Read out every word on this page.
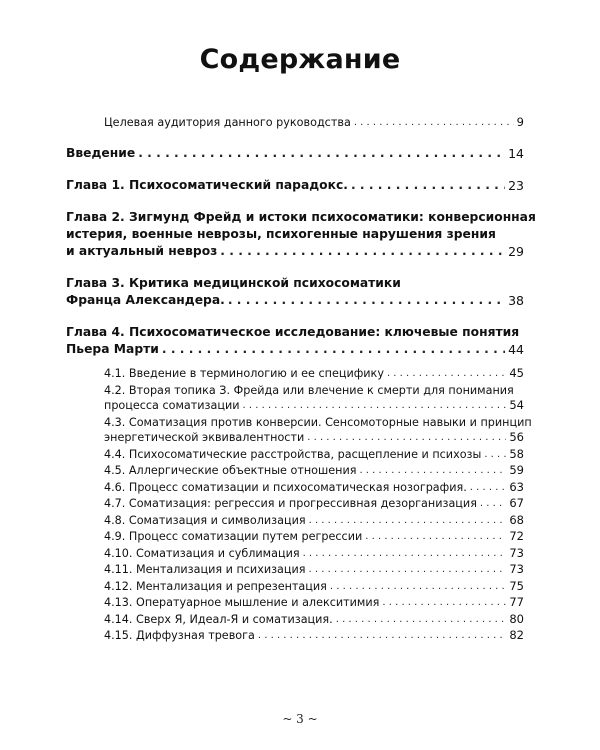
Содержание
Целевая аудитория данного руководства . . .	9
Введение . . .	14
Глава 1. Психосоматический парадокс. . . .	23
Глава 2. Зигмунд Фрейд и истоки психосоматики: конверсионная
истерия, военные неврозы, психогенные нарушения зрения
и актуальный невроз . . .	29
Глава 3. Критика медицинской психосоматики
Франца Александера. . . .	38
Глава 4. Психосоматическое исследование: ключевые понятия
Пьера Марти . . .	44
4.1. Введение в терминологию и ее специфику . . .	45
4.2. Вторая топика З. Фрейда или влечение к смерти для понимания
процесса соматизации . . .	54
4.3. Соматизация против конверсии. Сенсомоторные навыки и принцип
энергетической эквивалентности . . .	56
4.4. Психосоматические расстройства, расщепление и психозы . . . 58
4.5. Аллергические объектные отношения . . .	59
4.6. Процесс соматизации и психосоматическая нозография. . . .	63
4.7. Соматизация: регрессия и прогрессивная дезорганизация . . .	67
4.8. Соматизация и символизация . . .	68
4.9. Процесс соматизации путем регрессии . . .	72
4.10. Соматизация и сублимация . . .	73
4.11. Ментализация и психизация . . .	73
4.12. Ментализация и репрезентация . . .	75
4.13. Оператуарное мышление и алекситимия . . .	77
4.14. Сверх Я, Идеал-Я и соматизация. . . .	80
4.15. Диффузная тревога . . .	82
~ 3 ~
